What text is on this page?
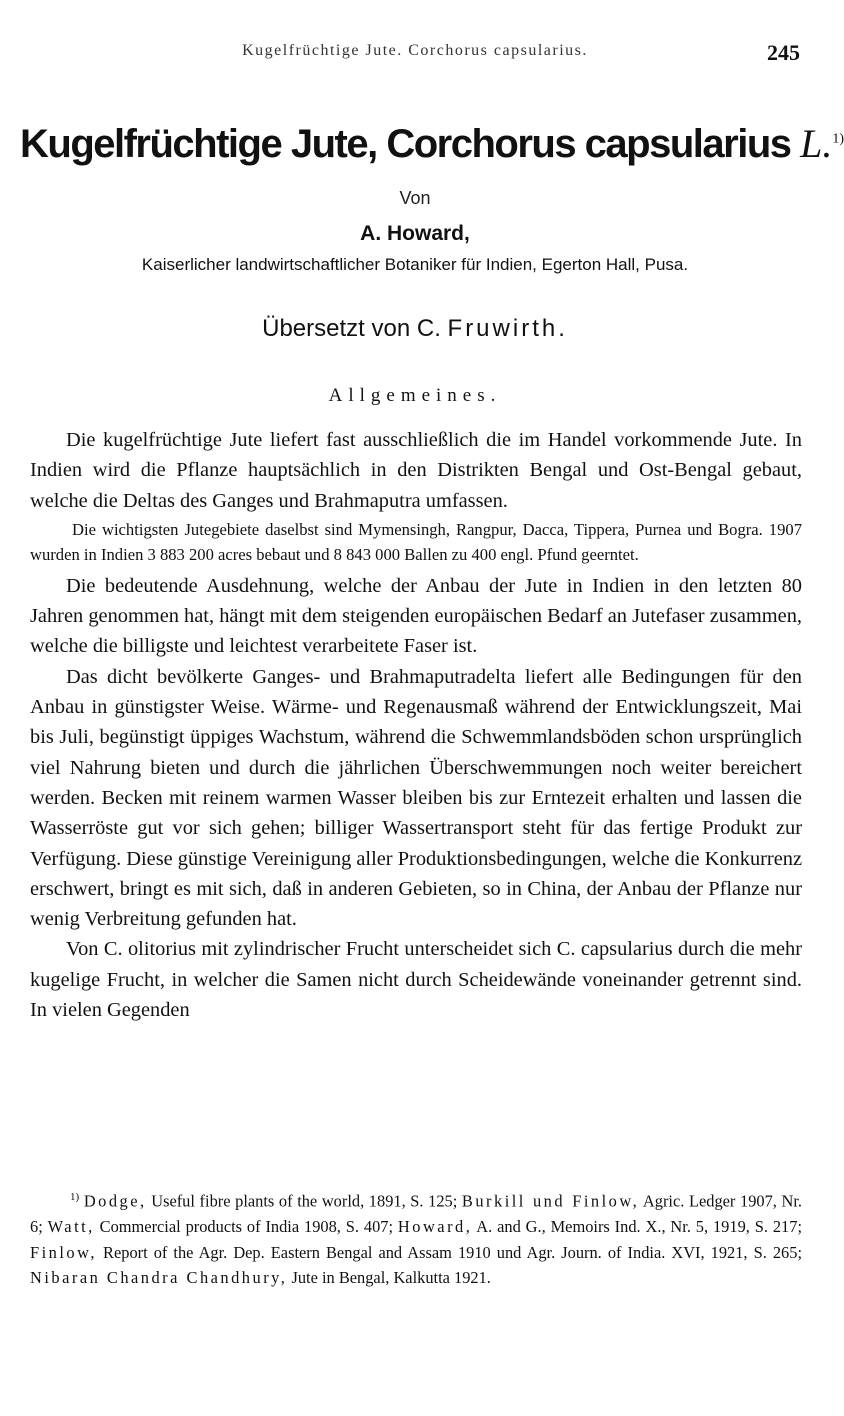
Kugelfrüchtige Jute. Corchorus capsularius.	245
Kugelfrüchtige Jute, Corchorus capsularius L.$^{1)}$
Von
A. Howard,
Kaiserlicher landwirtschaftlicher Botaniker für Indien, Egerton Hall, Pusa.
Übersetzt von C. Fruwirth.
Allgemeines.

Die kugelfrüchtige Jute liefert fast ausschließlich die im Handel vorkommende Jute. In Indien wird die Pflanze hauptsächlich in den Distrikten Bengal und Ost-Bengal gebaut, welche die Deltas des Ganges und Brahmaputra umfassen.

Die wichtigsten Jutegebiete daselbst sind Mymensingh, Rangpur, Dacca, Tippera, Purnea und Bogra. 1907 wurden in Indien 3 883 200 acres bebaut und 8 843 000 Ballen zu 400 engl. Pfund geerntet.

Die bedeutende Ausdehnung, welche der Anbau der Jute in Indien in den letzten 80 Jahren genommen hat, hängt mit dem steigenden europäischen Bedarf an Jutefaser zusammen, welche die billigste und leichtest verarbeitete Faser ist.

Das dicht bevölkerte Ganges- und Brahmaputradelta liefert alle Bedingungen für den Anbau in günstigster Weise. Wärme- und Regenausmaß während der Entwicklungszeit, Mai bis Juli, begünstigt üppiges Wachstum, während die Schwemmlandsböden schon ursprünglich viel Nahrung bieten und durch die jährlichen Überschwemmungen noch weiter bereichert werden. Becken mit reinem warmen Wasser bleiben bis zur Erntezeit erhalten und lassen die Wasserröste gut vor sich gehen; billiger Wassertransport steht für das fertige Produkt zur Verfügung. Diese günstige Vereinigung aller Produktionsbedingungen, welche die Konkurrenz erschwert, bringt es mit sich, daß in anderen Gebieten, so in China, der Anbau der Pflanze nur wenig Verbreitung gefunden hat.

Von C. olitorius mit zylindrischer Frucht unterscheidet sich C. capsularius durch die mehr kugelige Frucht, in welcher die Samen nicht durch Scheidewände voneinander getrennt sind. In vielen Gegenden

$^{1)}$ Dodge, Useful fibre plants of the world, 1891, S. 125; Burkill und Finlow, Agric. Ledger 1907, Nr. 6; Watt, Commercial products of India 1908, S. 407; Howard, A. and G., Memoirs Ind. X., Nr. 5, 1919, S. 217; Finlow, Report of the Agr. Dep. Eastern Bengal and Assam 1910 und Agr. Journ. of India. XVI, 1921, S. 265; Nibaran Chandra Chandhury, Jute in Bengal, Kalkutta 1921.
